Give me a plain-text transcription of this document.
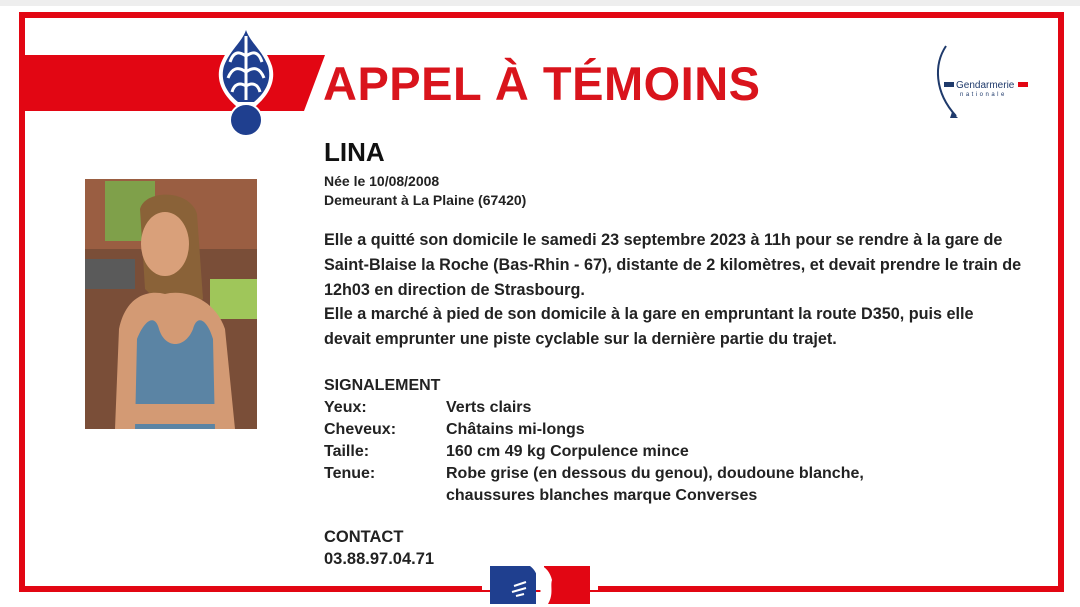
APPEL À TÉMOINS	Gendarmerie
nationale
LINA
Née le 10/08/2008
Demeurant à La Plaine (67420)

Elle a quitté son domicile le samedi 23 septembre 2023 à 11h pour se rendre à la gare de Saint-Blaise la Roche (Bas-Rhin - 67), distante de 2 kilomètres, et devait prendre le train de 12h03 en direction de Strasbourg.

Elle a marché à pied de son domicile à la gare en empruntant la route D350, puis elle devait emprunter une piste cyclable sur la dernière partie du trajet.

SIGNALEMENT
Yeux:	Verts clairs
Cheveux:	Châtains mi-longs
Taille:	160 cm 49 kg Corpulence mince
Tenue:	Robe grise (en dessous du genou), doudoune blanche,
chaussures blanches marque Converses
CONTACT
03.88.97.04.71
